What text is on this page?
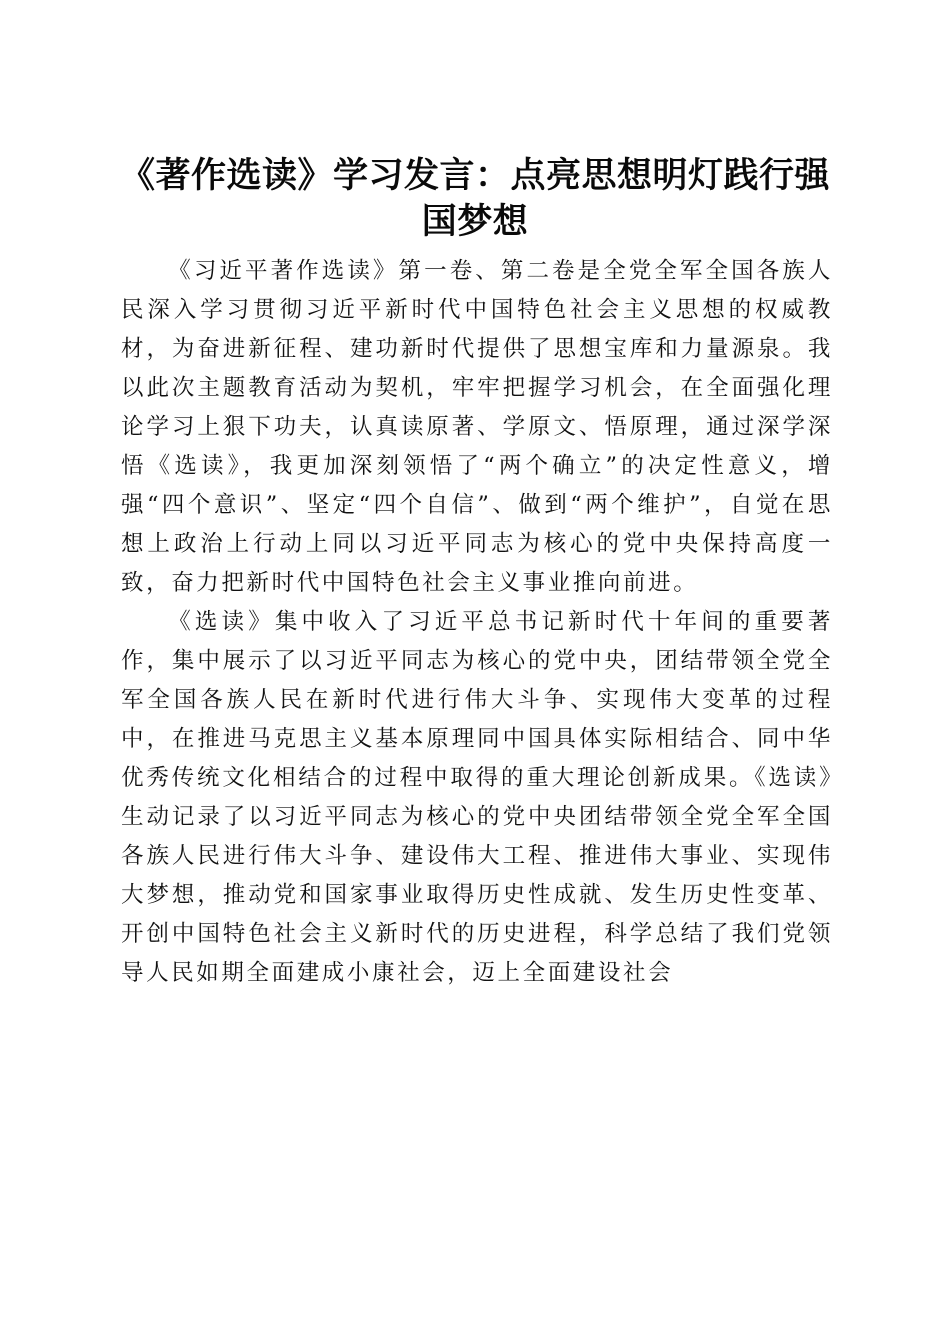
《著作选读》学习发言：点亮思想明灯践行强国梦想

《习近平著作选读》第一卷、第二卷是全党全军全国各族人民深入学习贯彻习近平新时代中国特色社会主义思想的权威教材，为奋进新征程、建功新时代提供了思想宝库和力量源泉。我以此次主题教育活动为契机，牢牢把握学习机会，在全面强化理论学习上狠下功夫，认真读原著、学原文、悟原理，通过深学深悟《选读》，我更加深刻领悟了“两个确立”的决定性意义，增强“四个意识”、坚定“四个自信”、做到“两个维护”，自觉在思想上政治上行动上同以习近平同志为核心的党中央保持高度一致，奋力把新时代中国特色社会主义事业推向前进。

《选读》集中收入了习近平总书记新时代十年间的重要著作，集中展示了以习近平同志为核心的党中央，团结带领全党全军全国各族人民在新时代进行伟大斗争、实现伟大变革的过程中，在推进马克思主义基本原理同中国具体实际相结合、同中华优秀传统文化相结合的过程中取得的重大理论创新成果。《选读》生动记录了以习近平同志为核心的党中央团结带领全党全军全国各族人民进行伟大斗争、建设伟大工程、推进伟大事业、实现伟大梦想，推动党和国家事业取得历史性成就、发生历史性变革、开创中国特色社会主义新时代的历史进程，科学总结了我们党领导人民如期全面建成小康社会，迈上全面建设社会
